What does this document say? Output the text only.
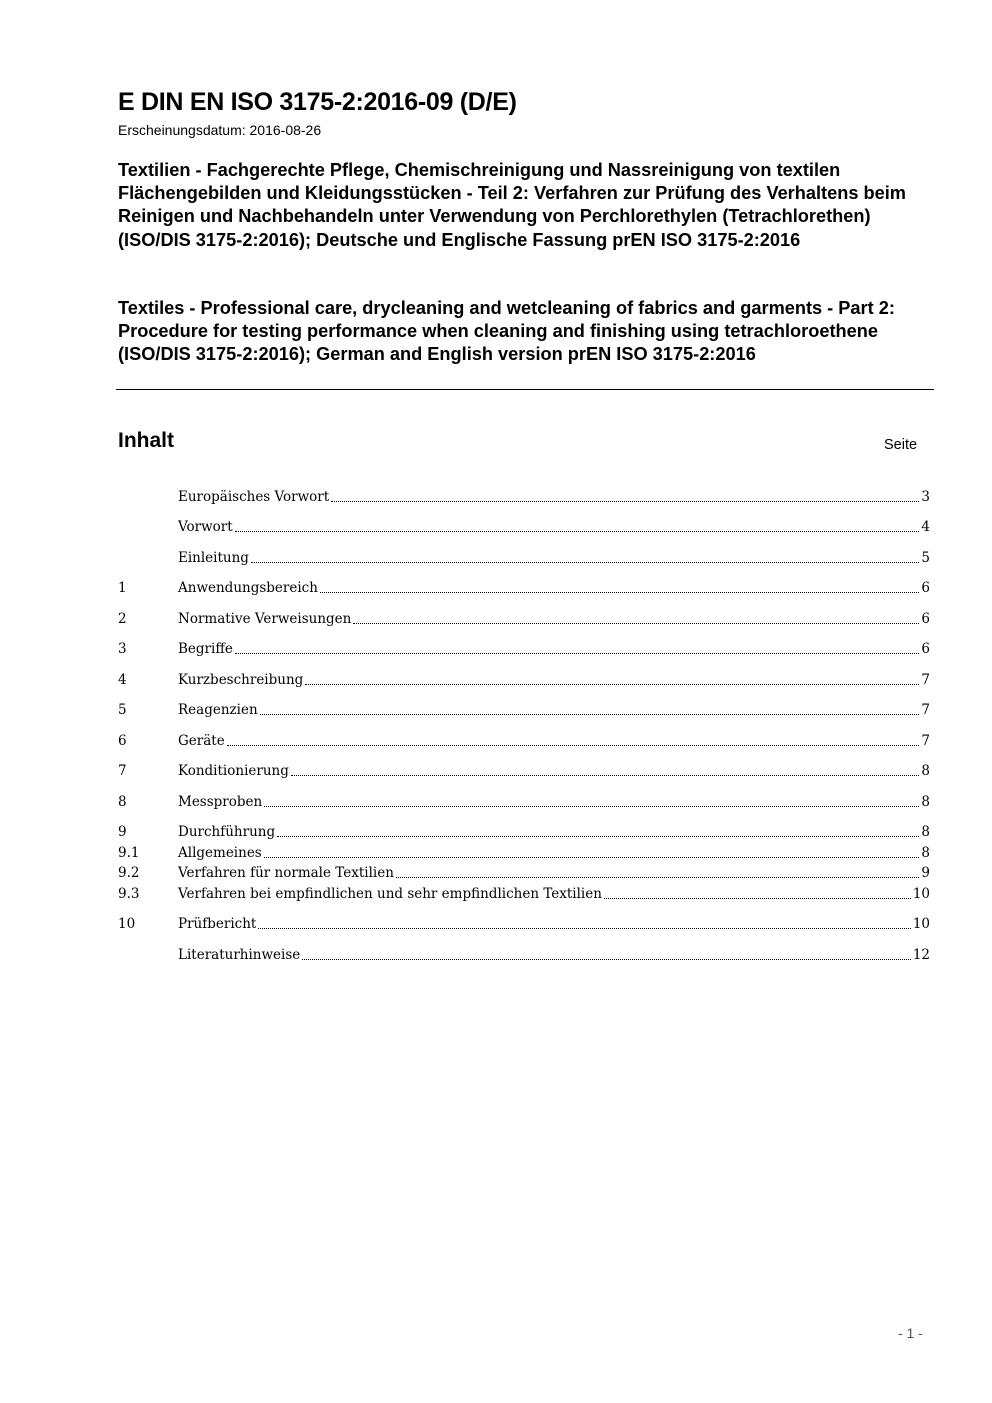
E DIN EN ISO 3175-2:2016-09 (D/E)
Erscheinungsdatum: 2016-08-26

Textilien - Fachgerechte Pflege, Chemischreinigung und Nassreinigung von textilen Flächengebilden und Kleidungsstücken - Teil 2: Verfahren zur Prüfung des Verhaltens beim Reinigen und Nachbehandeln unter Verwendung von Perchlorethylen (Tetrachlorethen) (ISO/DIS 3175-2:2016); Deutsche und Englische Fassung prEN ISO 3175-2:2016

Textiles - Professional care, drycleaning and wetcleaning of fabrics and garments - Part 2: Procedure for testing performance when cleaning and finishing using tetrachloroethene (ISO/DIS 3175-2:2016); German and English version prEN ISO 3175-2:2016

Inhalt	Seite
Europäisches Vorwort	3
Vorwort	4
Einleitung	5
1	Anwendungsbereich	6
2	Normative Verweisungen	6
3	Begriffe	6
4	Kurzbeschreibung	7
5	Reagenzien	7
6	Geräte	7
7	Konditionierung	8
8	Messproben	8
9	Durchführung	8
9.1	Allgemeines	8
9.2	Verfahren für normale Textilien	9
9.3	Verfahren bei empfindlichen und sehr empfindlichen Textilien	10
10	Prüfbericht	10
Literaturhinweise	12
- 1 -
